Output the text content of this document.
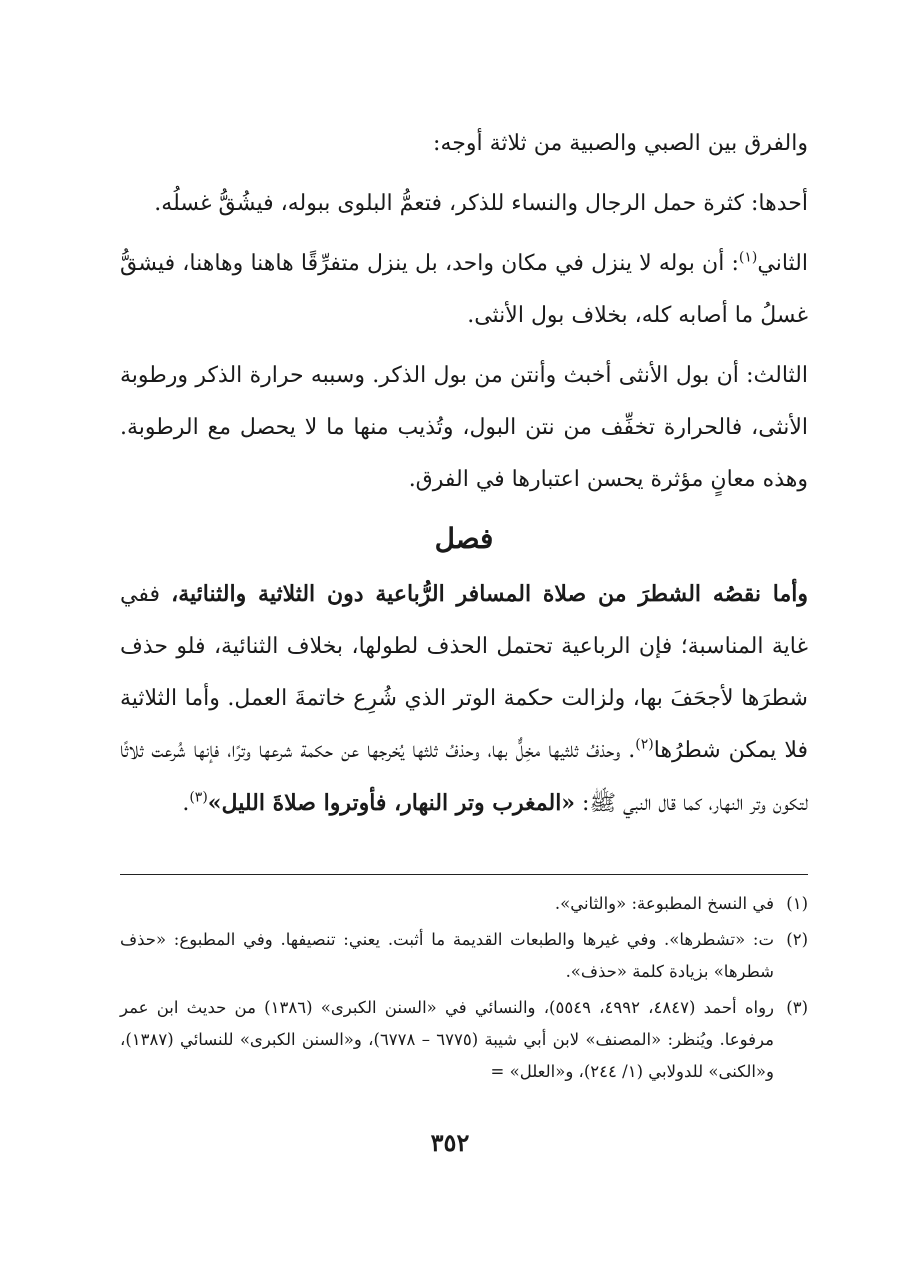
والفرق بين الصبي والصبية من ثلاثة أوجه:

أحدها: كثرة حمل الرجال والنساء للذكر، فتعمُّ البلوى ببوله، فيشُقُّ غسلُه.

الثاني$^{(١)}$: أن بوله لا ينزل في مكان واحد، بل ينزل متفرِّقًا هاهنا وهاهنا، فيشقُّ غسلُ ما أصابه كله، بخلاف بول الأنثى.

الثالث: أن بول الأنثى أخبث وأنتن من بول الذكر. وسببه حرارة الذكر ورطوبة الأنثى، فالحرارة تخفِّف من نتن البول، وتُذيب منها ما لا يحصل مع الرطوبة. وهذه معانٍ مؤثرة يحسن اعتبارها في الفرق.

فصل

وأما نقصُه الشطرَ من صلاة المسافر الرُّباعية دون الثلاثية والثنائية، ففي غاية المناسبة؛ فإن الرباعية تحتمل الحذف لطولها، بخلاف الثنائية، فلو حذف شطرَها لأجحَفَ بها، ولزالت حكمة الوتر الذي شُرِع خاتمةَ العمل. وأما الثلاثية فلا يمكن شطرُها$^{(٢)}$. وحذفُ ثلثيها مخِلٌّ بها، وحذفُ ثلثها يُخرجها عن حكمة شرعها وترًا، فإنها شُرعت ثلاثًا لتكون وتر النهار، كما قال النبي ﷺ: «المغرب وتر النهار، فأوتروا صلاةَ الليل»$^{(٣)}$.

(١)
في النسخ المطبوعة: «والثاني».
(٢)
ت: «تشطرها». وفي غيرها والطبعات القديمة ما أثبت. يعني: تنصيفها. وفي المطبوع: «حذف شطرها» بزيادة كلمة «حذف».
(٣)
رواه أحمد (٤٨٤٧، ٤٩٩٢، ٥٥٤٩)، والنسائي في «السنن الكبرى» (١٣٨٦) من حديث ابن عمر مرفوعا. ويُنظر: «المصنف» لابن أبي شيبة (٦٧٧٥ – ٦٧٧٨)، و«السنن الكبرى» للنسائي (١٣٨٧)، و«الكنى» للدولابي (١/ ٢٤٤)، و«العلل» =
٣٥٢
